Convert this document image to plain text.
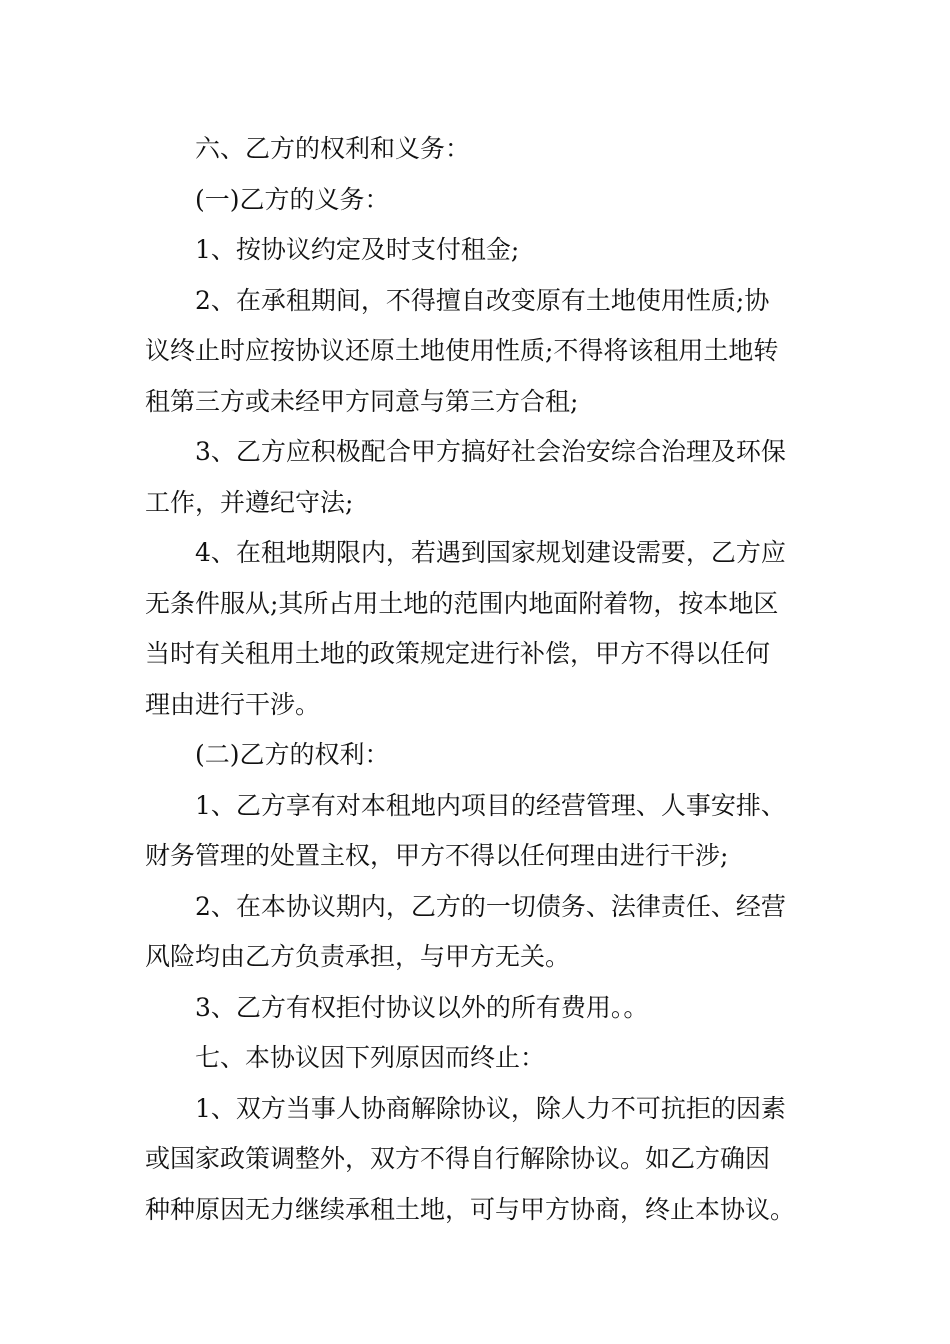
六、乙方的权利和义务：

(一)乙方的义务：

1、按协议约定及时支付租金;

2、在承租期间，不得擅自改变原有土地使用性质;协
议终止时应按协议还原土地使用性质;不得将该租用土地转
租第三方或未经甲方同意与第三方合租;

3、乙方应积极配合甲方搞好社会治安综合治理及环保
工作，并遵纪守法;

4、在租地期限内，若遇到国家规划建设需要，乙方应
无条件服从;其所占用土地的范围内地面附着物，按本地区
当时有关租用土地的政策规定进行补偿，甲方不得以任何
理由进行干涉。

(二)乙方的权利：

1、乙方享有对本租地内项目的经营管理、人事安排、
财务管理的处置主权，甲方不得以任何理由进行干涉;

2、在本协议期内，乙方的一切债务、法律责任、经营
风险均由乙方负责承担，与甲方无关。

3、乙方有权拒付协议以外的所有费用。。

七、本协议因下列原因而终止：

1、双方当事人协商解除协议，除人力不可抗拒的因素
或国家政策调整外，双方不得自行解除协议。如乙方确因
种种原因无力继续承租土地，可与甲方协商，终止本协议。
